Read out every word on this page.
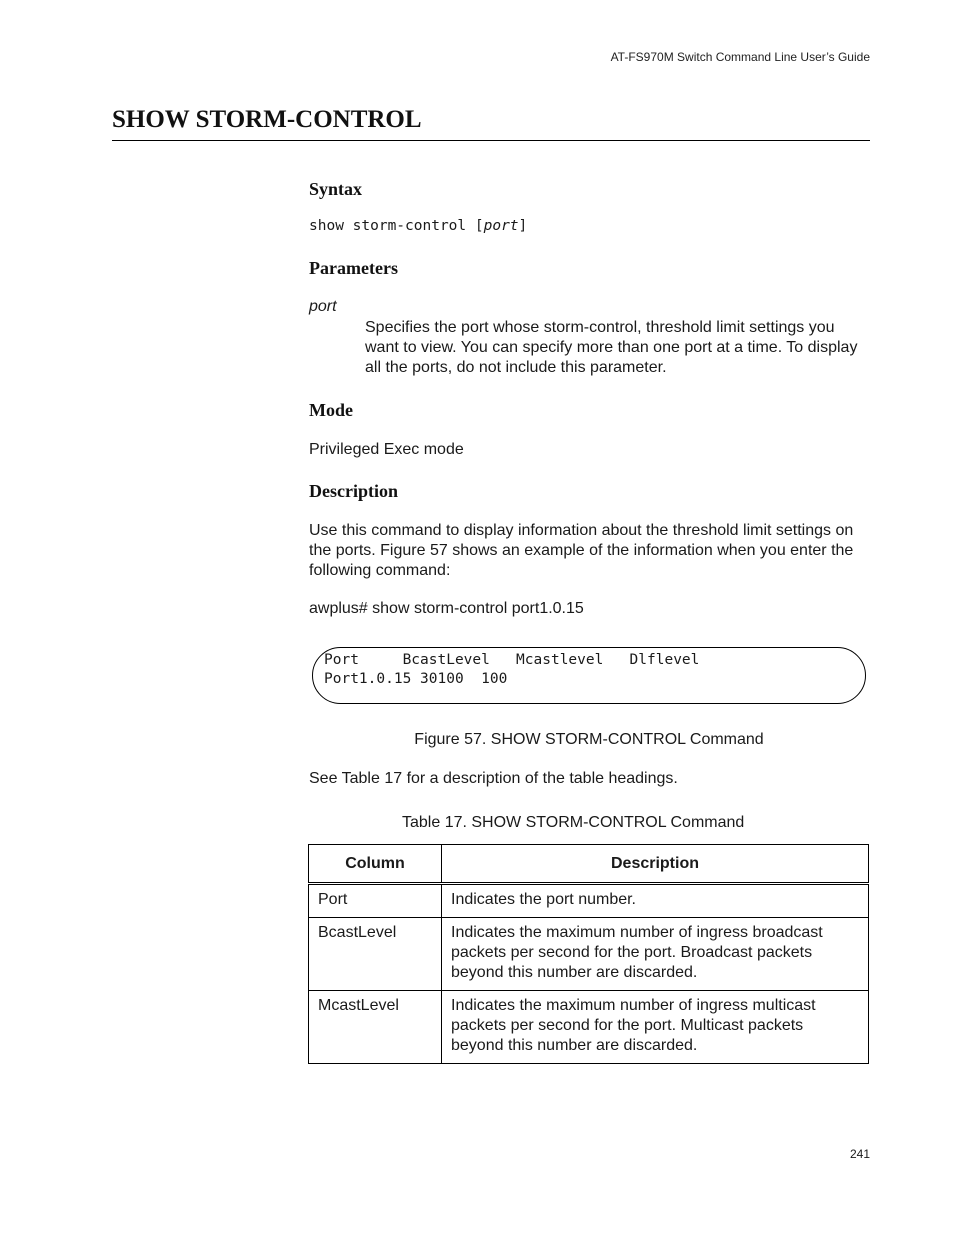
AT-FS970M Switch Command Line User’s Guide
SHOW STORM-CONTROL
Syntax
show storm-control [port]
Parameters
port
Specifies the port whose storm-control, threshold limit settings you want to view. You can specify more than one port at a time. To display all the ports, do not include this parameter.
Mode
Privileged Exec mode
Description
Use this command to display information about the threshold limit settings on the ports. Figure 57 shows an example of the information when you enter the following command:
awplus# show storm-control port1.0.15
Port     BcastLevel   Mcastlevel   Dlflevel
Port1.0.15 30100  100
Figure 57. SHOW STORM-CONTROL Command
See Table 17 for a description of the table headings.
Table 17. SHOW STORM-CONTROL Command
Column	Description
Port	Indicates the port number.
BcastLevel	Indicates the maximum number of ingress broadcast packets per second for the port. Broadcast packets beyond this number are discarded.
McastLevel	Indicates the maximum number of ingress multicast packets per second for the port. Multicast packets beyond this number are discarded.
241
